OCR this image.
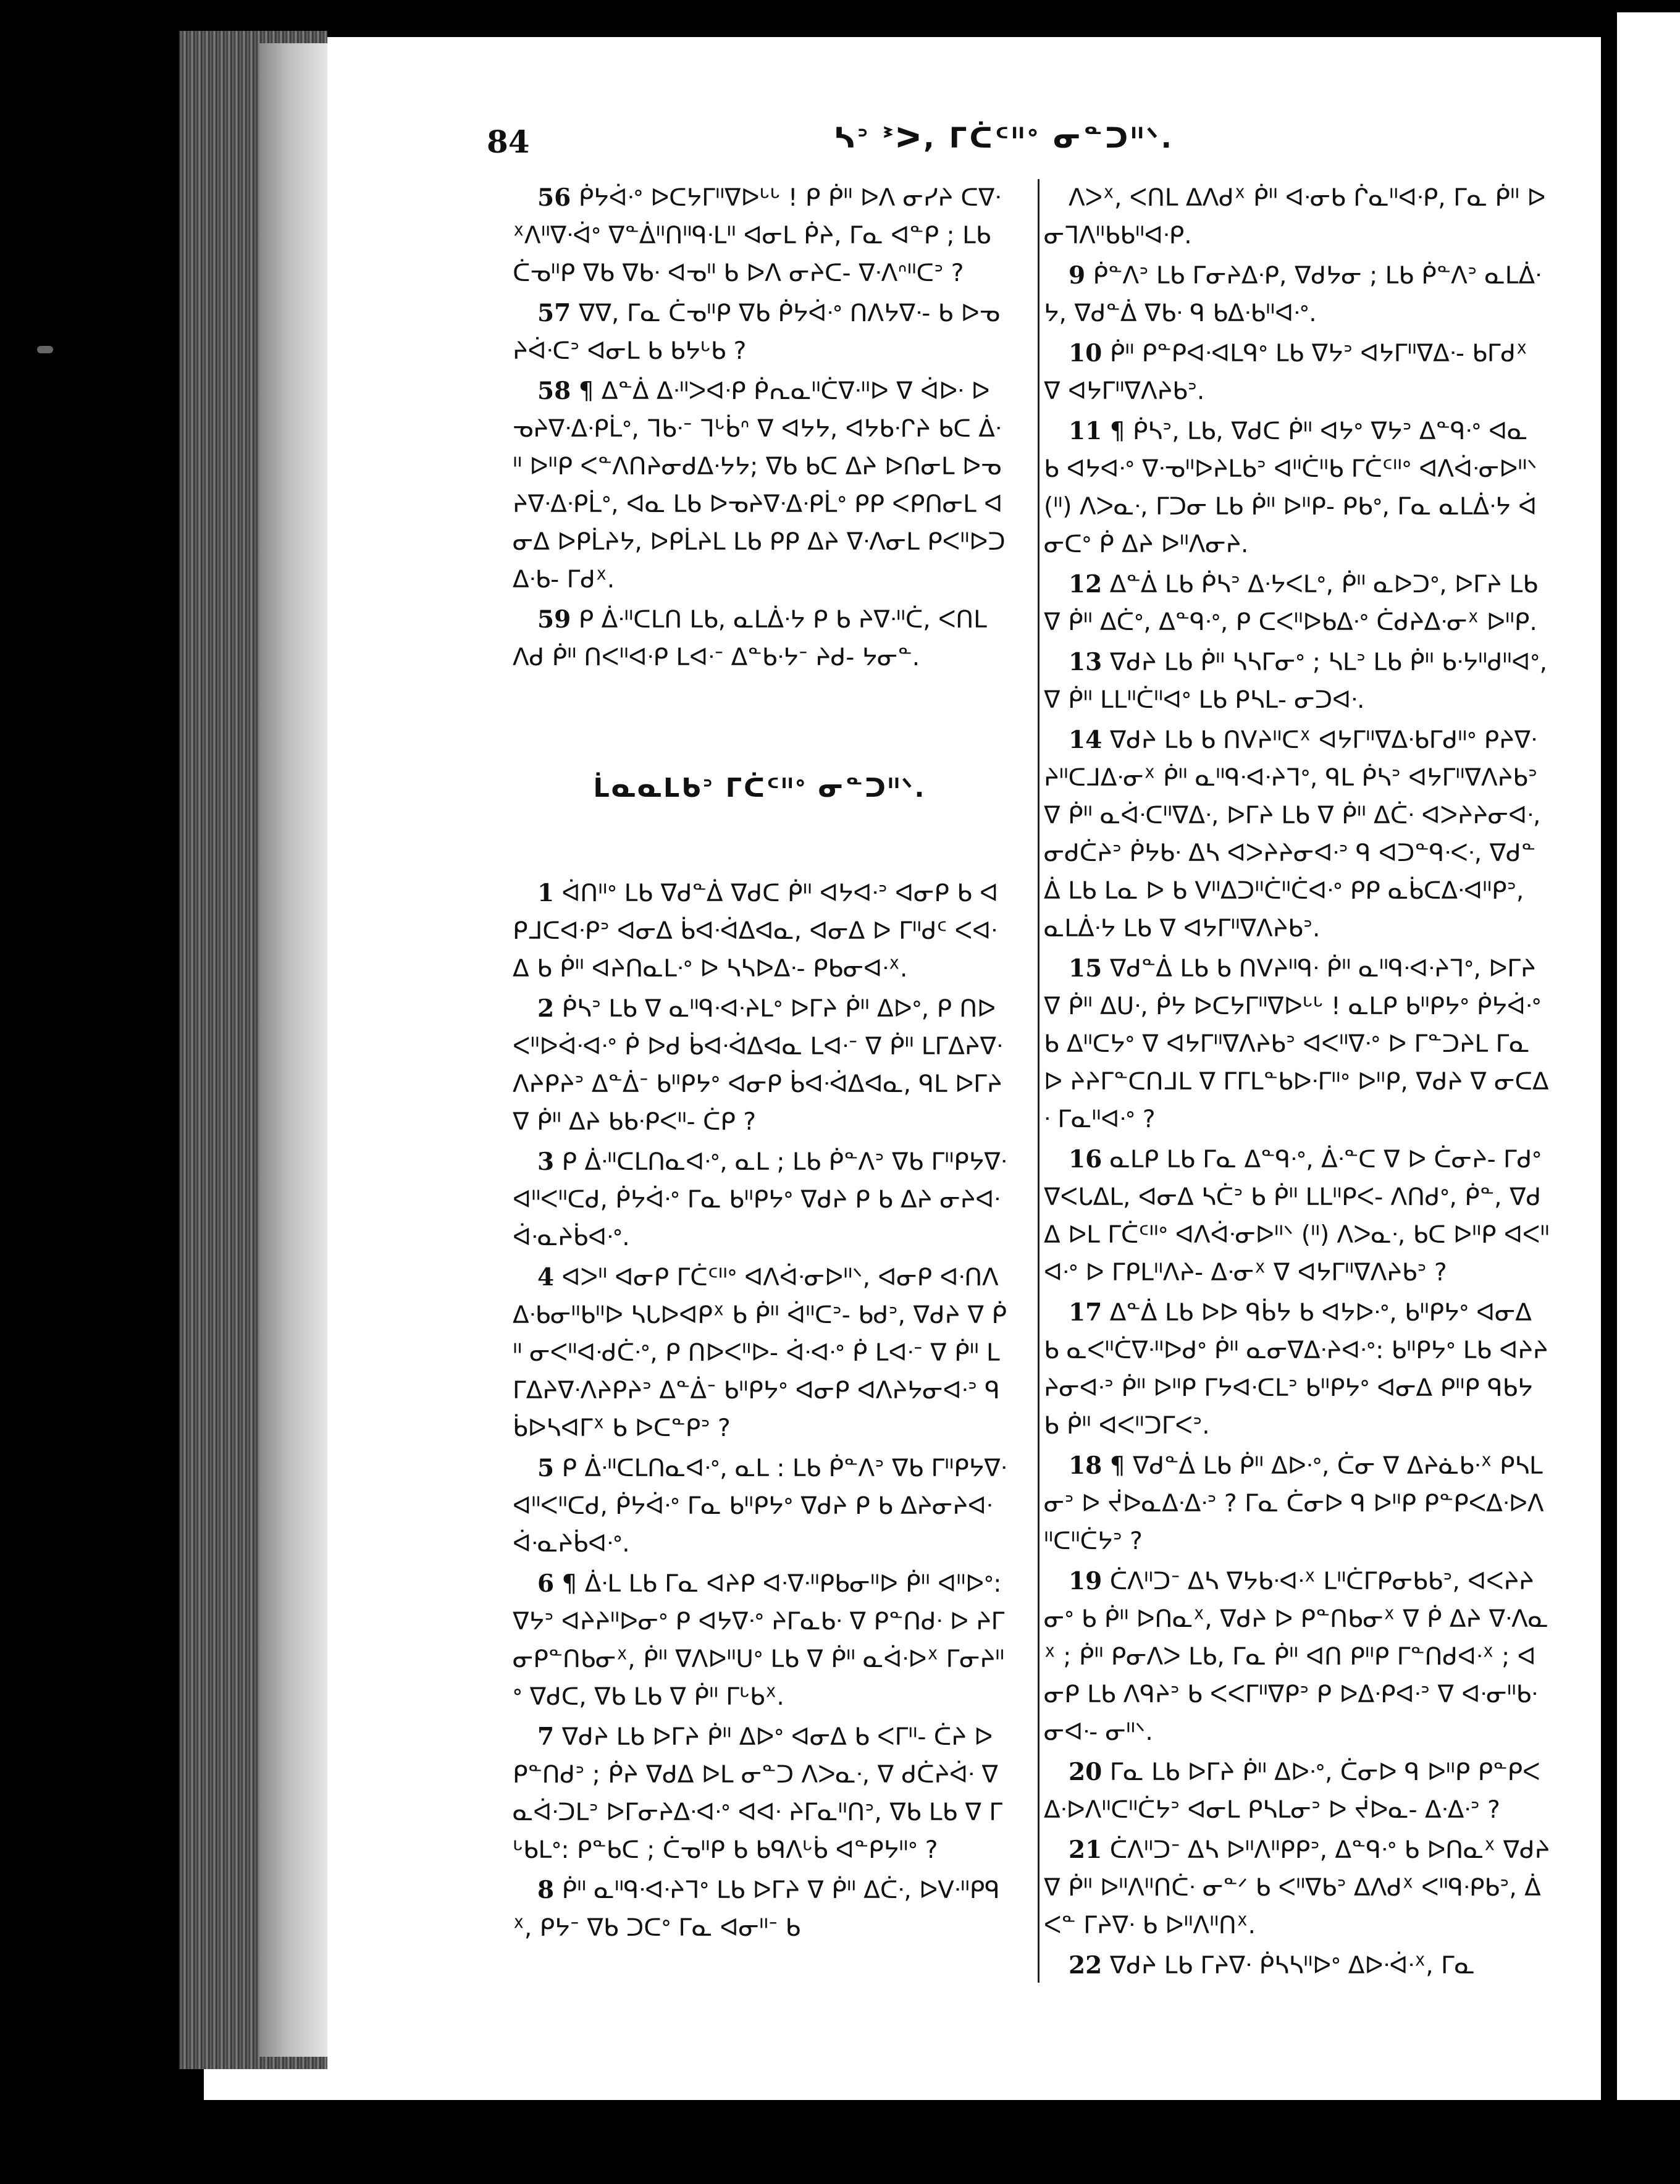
84	ᓴᐣ ᕑᐳ, ᒥᑖᑦᐦᐤ ᓂᓐᑐᐦᐠ.

56 ᑮᔭᐋᐧᐤ ᐅᑕᔭᒥᐦᐁᐅᒡᒡ ! ᑭ ᑮᐦ ᐅᐱ ᓂᓯᔨ ᑕᐁᐧᕽᐱᐦᐁᐧᐋᐤ ᐁᓐᐄᐦᑎᐦᑫᐧᒪᐦ ᐊᓂᒪ ᑮᔨ, ᒥᓇ ᐊᓐᑭ ; ᒪᑲ ᑖᓀᐦᑭ ᐁᑲ ᐁᑲᐧ ᐊᓀᐦ ᑲ ᐅᐱ ᓂᔨᑕ- ᐁᐧᐱᐢᐦᑕᐣ ?

57 ᐁᐁ, ᒥᓇ ᑖᓀᐦᑭ ᐁᑲ ᑮᔭᐋᐧᐤ ᑎᐱᔭᐁᐧ- ᑲ ᐅᓀᔨᐋᐧᑕᐣ ᐊᓂᒪ ᑲ ᑲᔭᒡᑲ ?

58 ¶ ᐃᓐᐄ ᐃᐧᐦᐳᐊᐧᑭ ᑮᕆᓇᐦᑖᐁᐧᐦᐅ ᐁ ᐋᐅᐧ ᐅᓀᔨᐁᐧᐃᐧᑭᒫᐤ, ᒣᑲᐧᐨ ᒣᒡᑳᐢ ᐁ ᐊᔭᔭ, ᐊᔭᑲᐧᒋᔨ ᑲᑕ ᐄᐧᐦ ᐅᐦᑭ ᐸᓐᐱᑎᔨᓂᑯᐃᐧᔭᔭ; ᐁᑲ ᑲᑕ ᐃᔨ ᐅᑎᓂᒪ ᐅᓀᔨᐁᐧᐃᐧᑭᒫᐤ, ᐊᓇ ᒪᑲ ᐅᓀᔨᐁᐧᐃᐧᑭᒫᐤ ᑭᑭ ᐸᑭᑎᓂᒪ ᐊᓂᐃ ᐅᑭᒫᔨᔭ, ᐅᑭᒫᔨᒪ ᒪᑲ ᑭᑭ ᐃᔨ ᐁᐧᐱᓂᒪ ᑭᐸᐦᐅᑐᐃᐧᑲ- ᒥᑯᕽ.

59 ᑭ ᐄᐧᐦᑕᒪᑎ ᒪᑲ, ᓇᒪᐄᐧᔭ ᑭ ᑲ ᔨᐁᐧᐦᑖ, ᐸᑎᒪ ᐱᑯ ᑮᐦ ᑎᐸᐦᐊᐧᑭ ᒪᐊᐧᐨ ᐃᓐᑲᐧᔭᐨ ᔨᑯ- ᔭᓂᓐ.

ᒫᓇᓇᒪᑲᐣ ᒥᑖᑦᐦᐤ ᓂᓐᑐᐦᐠ.

1 ᐋᑎᐦᐤ ᒪᑲ ᐁᑯᓐᐄ ᐁᑯᑕ ᑮᐦ ᐊᔭᐊᐧᐣ ᐊᓂᑭ ᑲ ᐊᑭᒧᑕᐊᐧᑭᐣ ᐊᓂᐃ ᑳᐊᐧᐋᐃᐊᓇ, ᐊᓂᐃ ᐅ ᒥᐦᑯᑦ ᐸᐊᐧᐃ ᑲ ᑮᐦ ᐊᔨᑎᓇᒪᐧᐤ ᐅ ᓴᓴᐅᐃᐧ- ᑭᑲᓂᐊᐧᕽ.

2 ᑮᓴᐣ ᒪᑲ ᐁ ᓇᐦᑫᐧᐊᐧᔨᒪᐤ ᐅᒥᔨ ᑮᐦ ᐃᐅᐤ, ᑭ ᑎᐅᐸᐦᐅᐋᐧᐊᐧᐤ ᑮ ᐅᑯ ᑳᐊᐧᐋᐃᐊᓇ ᒪᐊᐧᐨ ᐁ ᑮᐦ ᒪᒥᐃᔨᐁᐧᐱᔨᑭᔨᐣ ᐃᓐᐄᐨ ᑲᐦᑭᔭᐤ ᐊᓂᑭ ᑳᐊᐧᐋᐃᐊᓇ, ᑫᒪ ᐅᒥᔨ ᐁ ᑮᐦ ᐃᔨ ᑲᑲᐧᑭᐸᐦ- ᑖᑭ ?

3 ᑭ ᐄᐧᐦᑕᒪᑎᓇᐊᐧᐤ, ᓇᒪ ; ᒪᑲ ᑮᓐᐱᐣ ᐁᑲ ᒥᐦᑭᔭᐁᐧᐊᐦᐸᐦᑕᑯ, ᑮᔭᐋᐧᐤ ᒥᓇ ᑲᐦᑭᔭᐤ ᐁᑯᔨ ᑭ ᑲ ᐃᔨ ᓂᔨᐊᐧᐋᐧᓇᔨᑳᐊᐧᐤ.

4 ᐊᐳᐦ ᐊᓂᑭ ᒥᑖᑦᐦᐤ ᐊᐱᐋᐧᓂᐅᐦᐠ, ᐊᓂᑭ ᐊᐧᑎᐱᐃᐧᑲᓂᐦᑲᐦᐅ ᓴᒐᐅᐊᑭᕽ ᑲ ᑮᐦ ᐋᐦᑕᐣ- ᑲᑯᐣ, ᐁᑯᔨ ᐁ ᑮᐦ ᓂᐸᐦᐊᐧᑯᑖᐧᐤ, ᑭ ᑎᐅᐸᐦᐅ- ᐋᐧᐊᐧᐤ ᑮ ᒪᐊᐧᐨ ᐁ ᑮᐦ ᒪᒥᐃᔨᐁᐧᐱᔨᑭᔨᐣ ᐃᓐᐄᐨ ᑲᐦᑭᔭᐤ ᐊᓂᑭ ᐊᐱᔨᔭᓂᐊᐧᐣ ᑫᑳᐅᓴᐊᒥᕽ ᑲ ᐅᑕᓐᑭᐣ ?

5 ᑭ ᐄᐧᐦᑕᒪᑎᓇᐊᐧᐤ, ᓇᒪ : ᒪᑲ ᑮᓐᐱᐣ ᐁᑲ ᒥᐦᑭᔭᐁᐧᐊᐦᐸᐦᑕᑯ, ᑮᔭᐋᐧᐤ ᒥᓇ ᑲᐦᑭᔭᐤ ᐁᑯᔨ ᑭ ᑲ ᐃᔨᓂᔨᐊᐧᐋᐧᓇᔨᑳᐊᐧᐤ.

6 ¶ ᐄᐧᒪ ᒪᑲ ᒥᓇ ᐊᔨᑭ ᐊᐧᐁᐧᐦᑭᑲᓂᐦᐅ ᑮᐦ ᐊᐦᐅᐤ: ᐁᔭᐣ ᐊᔨᔨᐦᐅᓂᐤ ᑭ ᐊᔭᐁᐧᐤ ᔨᒥᓇᑲᐧ ᐁ ᑭᓐᑎᑯᐧ ᐅ ᔨᒥᓂᑭᓐᑎᑲᓂᕽ, ᑮᐦ ᐁᐱᐅᐦᑌᐤ ᒪᑲ ᐁ ᑮᐦ ᓇᐋᐧᐅᕽ ᒥᓂᔨᐦᐤ ᐁᑯᑕ, ᐁᑲ ᒪᑲ ᐁ ᑮᐦ ᒥᒡᑲᕽ.

7 ᐁᑯᔨ ᒪᑲ ᐅᒥᔨ ᑮᐦ ᐃᐅᐤ ᐊᓂᐃ ᑲ ᐸᒥᐦ- ᑖᔨ ᐅ ᑭᓐᑎᑯᐣ ; ᑮᔨ ᐁᑯᐃ ᐅᒪ ᓂᓐᑐ ᐱᐳᓇᐧ, ᐁ ᑯᑖᔨᐋᐧ ᐁ ᓇᐋᐧᑐᒪᐣ ᐅᒥᓂᔨᐃᐧᐊᐧᐤ ᐊᐊᐧ ᔨᒥᓇᐦᑎᐣ, ᐁᑲ ᒪᑲ ᐁ ᒥᒡᑲᒪᐤ: ᑭᓐᑲᑕ ; ᑖᓀᐦᑭ ᑲ ᑲᑫᐱᒡᑳ ᐊᓐᑭᔭᐦᐤ ?

8 ᑮᐦ ᓇᐦᑫᐧᐊᐧᔨᒣᐤ ᒪᑲ ᐅᒥᔨ ᐁ ᑮᐦ ᐃᑖᐧ, ᐅᐯᐧᐦᑭᑫᕽ, ᑭᔭᐨ ᐁᑲ ᑐᑕᐤ ᒥᓇ ᐊᓂᐦᐨ ᑲ

ᐱᐳᕽ, ᐸᑎᒪ ᐃᐱᑯᕽ ᑮᐦ ᐊᐧᓂᑲ ᒌᓇᐦᐊᐧᑭ, ᒥᓇ ᑮᐦ ᐅᓂᒣᐱᐦᑲᑲᐦᐊᐧᑭ.

9 ᑮᓐᐱᐣ ᒪᑲ ᒥᓂᔨᐃᐧᑭ, ᐁᑯᔭᓂ ; ᒪᑲ ᑮᓐᐱᐣ ᓇᒪᐄᐧᔭ, ᐁᑯᓐᐄ ᐁᑲᐧ ᑫ ᑲᐃᐧᑲᐦᐊᐧᐤ.

10 ᑮᐦ ᑭᓐᑭᐊᐧᐊᒪᑫᐤ ᒪᑲ ᐁᔭᐣ ᐊᔭᒥᐦᐁᐃᐧ- ᑲᒥᑯᕽ ᐁ ᐊᔭᒥᐦᐁᐱᔨᑲᐣ.

11 ¶ ᑮᓴᐣ, ᒪᑲ, ᐁᑯᑕ ᑮᐦ ᐊᔭᐤ ᐁᔭᐣ ᐃᓐᑫᐧᐤ ᐊᓇ ᑲ ᐊᔭᐊᐧᐤ ᐁᐧᓀᐦᐅᔨᒪᑲᐣ ᐊᐦᑖᐦᑲ ᒥᑖᑦᐦᐤ ᐊᐱᐋᐧᓂᐅᐦᐠ (ᐦ) ᐱᐳᓇᐧ, ᒥᑐᓂ ᒪᑲ ᑮᐦ ᐅᐦᑭ- ᑭᑲᐤ, ᒥᓇ ᓇᒪᐄᐧᔭ ᐋᓂᑕᐤ ᑮ ᐃᔨ ᐅᐦᐱᓂᔨ.

12 ᐃᓐᐄ ᒪᑲ ᑮᓴᐣ ᐃᐧᔭᐸᒪᐤ, ᑮᐦ ᓇᐅᑐᐤ, ᐅᒥᔨ ᒪᑲ ᐁ ᑮᐦ ᐃᑖᐤ, ᐃᓐᑫᐧᐤ, ᑭ ᑕᐸᐦᐅᑲᐃᐧᐤ ᑖᑯᔨᐃᐧᓂᕽ ᐅᐦᑭ.

13 ᐁᑯᔨ ᒪᑲ ᑮᐦ ᓴᓴᒥᓂᐤ ; ᓴᒪᐣ ᒪᑲ ᑮᐦ ᑲᐧᔭᐦᑯᐦᐊᐤ, ᐁ ᑮᐦ ᒪᒪᐦᑖᐦᐊᐤ ᒪᑲ ᑭᓴᒪ- ᓂᑐᐊᐧ.

14 ᐁᑯᔨ ᒪᑲ ᑲ ᑎᐯᔨᐦᑕᕽ ᐊᔭᒥᐦᐁᐃᐧᑲᒥᑯᐦᐤ ᑭᔨᐁᐧᔨᐦᑕᒧᐃᐧᓂᕽ ᑮᐦ ᓇᐦᑫᐧᐊᐧᔨᒣᐤ, ᑫᒪ ᑮᓴᐣ ᐊᔭᒥᐦᐁᐱᔨᑲᐣ ᐁ ᑮᐦ ᓇᐋᐧᑕᐦᐁᐃᐧ, ᐅᒥᔨ ᒪᑲ ᐁ ᑮᐦ ᐃᑖᐧ ᐊᐳᔨᔨᓂᐊᐧ, ᓂᑯᑖᔨᐣ ᑮᔭᑲᐧ ᐃᓴ ᐊᐳᔨᔨᓂᐊᐧᐣ ᑫ ᐊᑐᓐᑫᐧᐸᐧ, ᐁᑯᓐᐄ ᒪᑲ ᒪᓇ ᐅ ᑲ ᐯᐦᐃᑐᐦᑖᐦᑖᐊᐧᐤ ᑭᑭ ᓇᑳᑕᐃᐧᐊᐦᑭᐣ, ᓇᒪᐄᐧᔭ ᒪᑲ ᐁ ᐊᔭᒥᐦᐁᐱᔨᑲᐣ.

15 ᐁᑯᓐᐄ ᒪᑲ ᑲ ᑎᐯᔨᐦᑫᐧ ᑮᐦ ᓇᐦᑫᐧᐊᐧᔨᒣᐤ, ᐅᒥᔨ ᐁ ᑮᐦ ᐃᑌᐧ, ᑮᔭ ᐅᑕᔭᒥᐦᐁᐅᒡᒡ ! ᓇᒪᑭ ᑲᐦᑭᔭᐤ ᑮᔭᐋᐧᐤ ᑲ ᐃᐦᑕᔭᐤ ᐁ ᐊᔭᒥᐦᐁᐱᔨᑲᐣ ᐊᐸᐦᐁᐧᐤ ᐅ ᒥᓐᑐᔨᒪ ᒥᓇ ᐅ ᔨᔨᒥᓐᑕᑎᒧᒪ ᐁ ᒥᒥᒪᓐᑲᐅᐧᒥᐦᐤ ᐅᐦᑭ, ᐁᑯᔨ ᐁ ᓂᑕᐃᐧ ᒥᓇᐦᐊᐧᐤ ?

16 ᓇᒪᑭ ᒪᑲ ᒥᓇ ᐃᓐᑫᐧᐤ, ᐄᐧᓐᑕ ᐁ ᐅ ᑖᓂᔨ- ᒥᑯᐤ ᐁᐸᒐᐃᒪ, ᐊᓂᐃ ᓴᑖᐣ ᑲ ᑮᐦ ᒪᒪᐦᑭᐸ- ᐱᑎᑯᐤ, ᑮᓐ, ᐁᑯᐃ ᐅᒪ ᒥᑖᑦᐦᐤ ᐊᐱᐋᐧᓂᐅᐦᐠ (ᐦ) ᐱᐳᓇᐧ, ᑲᑕ ᐅᐦᑭ ᐊᐸᐦᐊᐧᐤ ᐅ ᒥᑭᒪᐦᐱᔨ- ᐃᐧᓂᕽ ᐁ ᐊᔭᒥᐦᐁᐱᔨᑲᐣ ?

17 ᐃᓐᐄ ᒪᑲ ᐅᐅ ᑫᑳᔭ ᑲ ᐊᔭᐅᐧᐤ, ᑲᐦᑭᔭᐤ ᐊᓂᐃ ᑲ ᓇᐸᐦᑖᐁᐧᐦᐅᑯᐤ ᑮᐦ ᓇᓂᐁᐃᐧᔨᐊᐧᐤ: ᑲᐦᑭᔭᐤ ᒪᑲ ᐊᔨᔨᔨᓂᐊᐧᐣ ᑮᐦ ᐅᐦᑭ ᒥᔭᐊᐧᑕᒪᐣ ᑲᐦᑭᔭᐤ ᐊᓂᐃ ᑭᐦᑭ ᑫᑲᔭ ᑲ ᑮᐦ ᐊᐸᐦᑐᒥᐸᐣ.

18 ¶ ᐁᑯᓐᐄ ᒪᑲ ᑮᐦ ᐃᐅᐧᐤ, ᑖᓂ ᐁ ᐃᔨᓈᑲᐧᕽ ᑭᓴᒪᓂᐣ ᐅ ᔫᐅᓇᐃᐧᐃᐧᐣ ? ᒥᓇ ᑖᓂᐅ ᑫ ᐅᐦᑭ ᑭᓐᑭᐸᐃᐧᐅᐱᐦᑕᐦᑖᔭᐣ ?

19 ᑖᐱᐦᑐᐨ ᐃᓴ ᐁᔭᑲᐧᐊᐧᕽ ᒪᐦᑖᒥᑭᓂᑲᑲᐣ, ᐊᐸᔨᔨᓂᐤ ᑲ ᑮᐦ ᐅᑎᓇᕽ, ᐁᑯᔨ ᐅ ᑭᓐᑎᑲᓂᕽ ᐁ ᑮ ᐃᔨ ᐁᐧᐱᓇᕽ ; ᑮᐦ ᑭᓂᐱᐳ ᒪᑲ, ᒥᓇ ᑮᐦ ᐊᑎ ᑭᐦᑭ ᒥᓐᑎᑯᐊᐧᕽ ; ᐊᓂᑭ ᒪᑲ ᐱᑫᔨᐣ ᑲ ᐸᐸᒥᐦᐁᑭᐣ ᑭ ᐅᐃᐧᑭᐊᐧᐣ ᐁ ᐊᐧᓂᐦᑲᐧᓂᐊᐧ- ᓂᐦᐠ.

20 ᒥᓇ ᒪᑲ ᐅᒥᔨ ᑮᐦ ᐃᐅᐧᐤ, ᑖᓂᐅ ᑫ ᐅᐦᑭ ᑭᓐᑭᐸᐃᐧᐅᐱᐦᑕᐦᑖᔭᐣ ᐊᓂᒪ ᑭᓴᒪᓂᐣ ᐅ ᔫᐅᓇ- ᐃᐧᐃᐧᐣ ?

21 ᑖᐱᐦᑐᐨ ᐃᓴ ᐅᐦᐱᐦᑭᑭᐣ, ᐃᓐᑫᐧᐤ ᑲ ᐅᑎᓇᕽ ᐁᑯᔨ ᐁ ᑮᐦ ᐅᐦᐱᐦᑎᑖᐧ ᓂᓐᐟ ᑲ ᐸᐦᐁᑲᐣ ᐃᐱᑯᕽ ᐸᐦᑫᐧᑭᑲᐣ, ᐄᐸᓐ ᒥᔨᐁᐧ ᑲ ᐅᐦᐱᐦᑎᕽ.

22 ᐁᑯᔨ ᒪᑲ ᒥᔨᐁᐧ ᑮᓴᓴᐦᐅᐤ ᐃᐅᐧᐋᐧᕽ, ᒥᓇ
